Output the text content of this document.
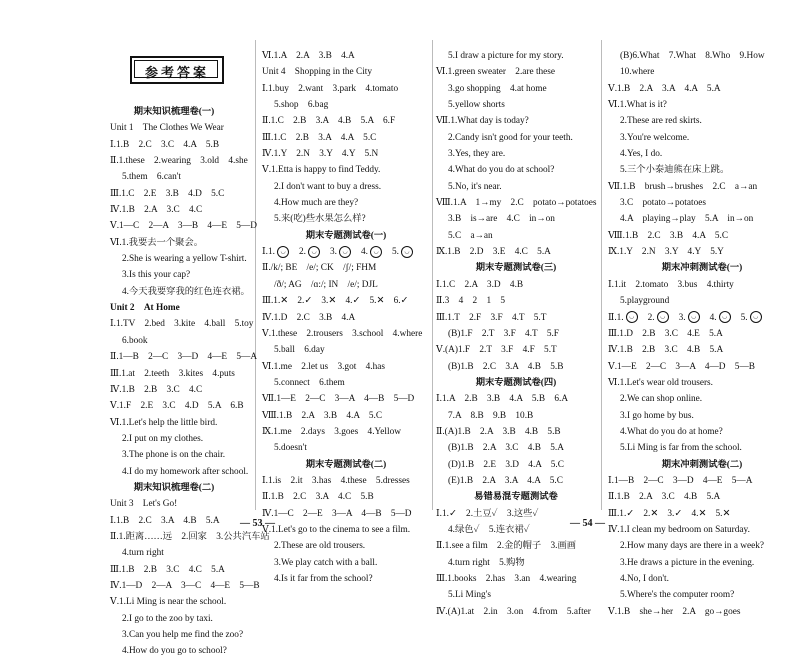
参考答案
期末知识梳理卷(一)
Unit 1　The Clothes We Wear
Ⅰ.1.B　2.C　3.C　4.A　5.B
Ⅱ.1.these　2.wearing　3.old　4.she
5.them　6.can't
Ⅲ.1.C　2.E　3.B　4.D　5.C
Ⅳ.1.B　2.A　3.C　4.C
Ⅴ.1—C　2—A　3—B　4—E　5—D
Ⅵ.1.我要去一个聚会。
2.She is wearing a yellow T-shirt.
3.Is this your cap?
4.今天我要穿我的红色连衣裙。
Unit 2　At Home
Ⅰ.1.TV　2.bed　3.kite　4.ball　5.toy
6.book
Ⅱ.1—B　2—C　3—D　4—E　5—A
Ⅲ.1.at　2.teeth　3.kites　4.puts
Ⅳ.1.B　2.B　3.C　4.C
Ⅴ.1.F　2.E　3.C　4.D　5.A　6.B
Ⅵ.1.Let's help the little bird.
2.I put on my clothes.
3.The phone is on the chair.
4.I do my homework after school.
期末知识梳理卷(二)
Unit 3　Let's Go!
Ⅰ.1.B　2.C　3.A　4.B　5.A
Ⅱ.1.距离……远　2.回家　3.公共汽车站
4.turn right
Ⅲ.1.B　2.B　3.C　4.C　5.A
Ⅳ.1—D　2—A　3—C　4—E　5—B
Ⅴ.1.Li Ming is near the school.
2.I go to the zoo by taxi.
3.Can you help me find the zoo?
4.How do you go to school?
Ⅵ.1.A　2.A　3.B　4.A
Unit 4　Shopping in the City
Ⅰ.1.buy　2.want　3.park　4.tomato
5.shop　6.bag
Ⅱ.1.C　2.B　3.A　4.B　5.A　6.F
Ⅲ.1.C　2.B　3.A　4.A　5.C
Ⅳ.1.Y　2.N　3.Y　4.Y　5.N
Ⅴ.1.Etta is happy to find Teddy.
2.I don't want to buy a dress.
4.How much are they?
5.来(吃)些水果怎么样?
期末专题测试卷(一)
Ⅰ.1. ◡ 2. ◡ 3. ◡ 4. ◡ 5. ◡
Ⅱ./k/; BE　/e/; CK　/ʃ/; FHM
/ð/; AG　/ɑ:/; IN　/e/; DJL
Ⅲ.1.✕　2.✓　3.✕　4.✓　5.✕　6.✓
Ⅳ.1.D　2.C　3.B　4.A
Ⅴ.1.these　2.trousers　3.school　4.where
5.ball　6.day
Ⅵ.1.me　2.let us　3.got　4.has
5.connect　6.them
Ⅶ.1—E　2—C　3—A　4—B　5—D
Ⅷ.1.B　2.A　3.B　4.A　5.C
Ⅸ.1.me　2.days　3.goes　4.Yellow
5.doesn't
期末专题测试卷(二)
Ⅰ.1.is　2.it　3.has　4.these　5.dresses
Ⅱ.1.B　2.C　3.A　4.C　5.B
Ⅳ.1—C　2—E　3—A　4—B　5—D
Ⅴ.1.Let's go to the cinema to see a film.
2.These are old trousers.
3.We play catch with a ball.
4.Is it far from the school?
5.I draw a picture for my story.
Ⅵ.1.green sweater　2.are these
3.go shopping　4.at home
5.yellow shorts
Ⅶ.1.What day is today?
2.Candy isn't good for your teeth.
3.Yes, they are.
4.What do you do at school?
5.No, it's near.
Ⅷ.1.A　1→my　2.C　potato→potatoes
3.B　is→are　4.C　in→on
5.C　a→an
Ⅸ.1.B　2.D　3.E　4.C　5.A
期末专题测试卷(三)
Ⅰ.1.C　2.A　3.D　4.B
Ⅱ.3　4　2　1　5
Ⅲ.1.T　2.F　3.F　4.T　5.T
(B)1.F　2.T　3.F　4.T　5.F
Ⅴ.(A)1.F　2.T　3.F　4.F　5.T
(B)1.B　2.C　3.A　4.B　5.B
期末专题测试卷(四)
Ⅰ.1.A　2.B　3.B　4.A　5.B　6.A
7.A　8.B　9.B　10.B
Ⅱ.(A)1.B　2.A　3.B　4.B　5.B
(B)1.B　2.A　3.C　4.B　5.A
(D)1.B　2.E　3.D　4.A　5.C
(E)1.B　2.A　3.A　4.A　5.C
易错易混专题测试卷
Ⅰ.1.✓　2.土豆✓　3.这些✓
4.绿色✓　5.连衣裙✓
Ⅱ.1.see a film　2.金的帽子　3.画画
4.turn right　5.购物
Ⅲ.1.books　2.has　3.an　4.wearing
5.Li Ming's
Ⅳ.(A)1.at　2.in　3.on　4.from　5.after
(B)6.What　7.What　8.Who　9.How
10.where
Ⅴ.1.B　2.A　3.A　4.A　5.A
Ⅵ.1.What is it?
2.These are red skirts.
3.You're welcome.
4.Yes, I do.
5.三个小泰迪熊在床上跳。
Ⅶ.1.B　brush→brushes　2.C　a→an
3.C　potato→potatoes
4.A　playing→play　5.A　in→on
Ⅷ.1.B　2.C　3.B　4.A　5.C
Ⅸ.1.Y　2.N　3.Y　4.Y　5.Y
期末冲刺测试卷(一)
Ⅰ.1.it　2.tomato　3.bus　4.thirty
5.playground
Ⅱ.1. ◡ 2. ◡ 3. ◡ 4. ◡ 5. ◡
Ⅲ.1.D　2.B　3.C　4.E　5.A
Ⅳ.1.B　2.B　3.C　4.B　5.A
Ⅴ.1—E　2—C　3—A　4—D　5—B
Ⅵ.1.Let's wear old trousers.
2.We can shop online.
3.I go home by bus.
4.What do you do at home?
5.Li Ming is far from the school.
期末冲刺测试卷(二)
Ⅰ.1—B　2—C　3—D　4—E　5—A
Ⅱ.1.B　2.A　3.C　4.B　5.A
Ⅲ.1.✓　2.✕　3.✓　4.✕　5.✕
Ⅳ.1.I clean my bedroom on Saturday.
2.How many days are there in a week?
3.He draws a picture in the evening.
4.No, I don't.
5.Where's the computer room?
Ⅴ.1.B　she→her　2.A　go→goes
— 53 —	— 54 —
